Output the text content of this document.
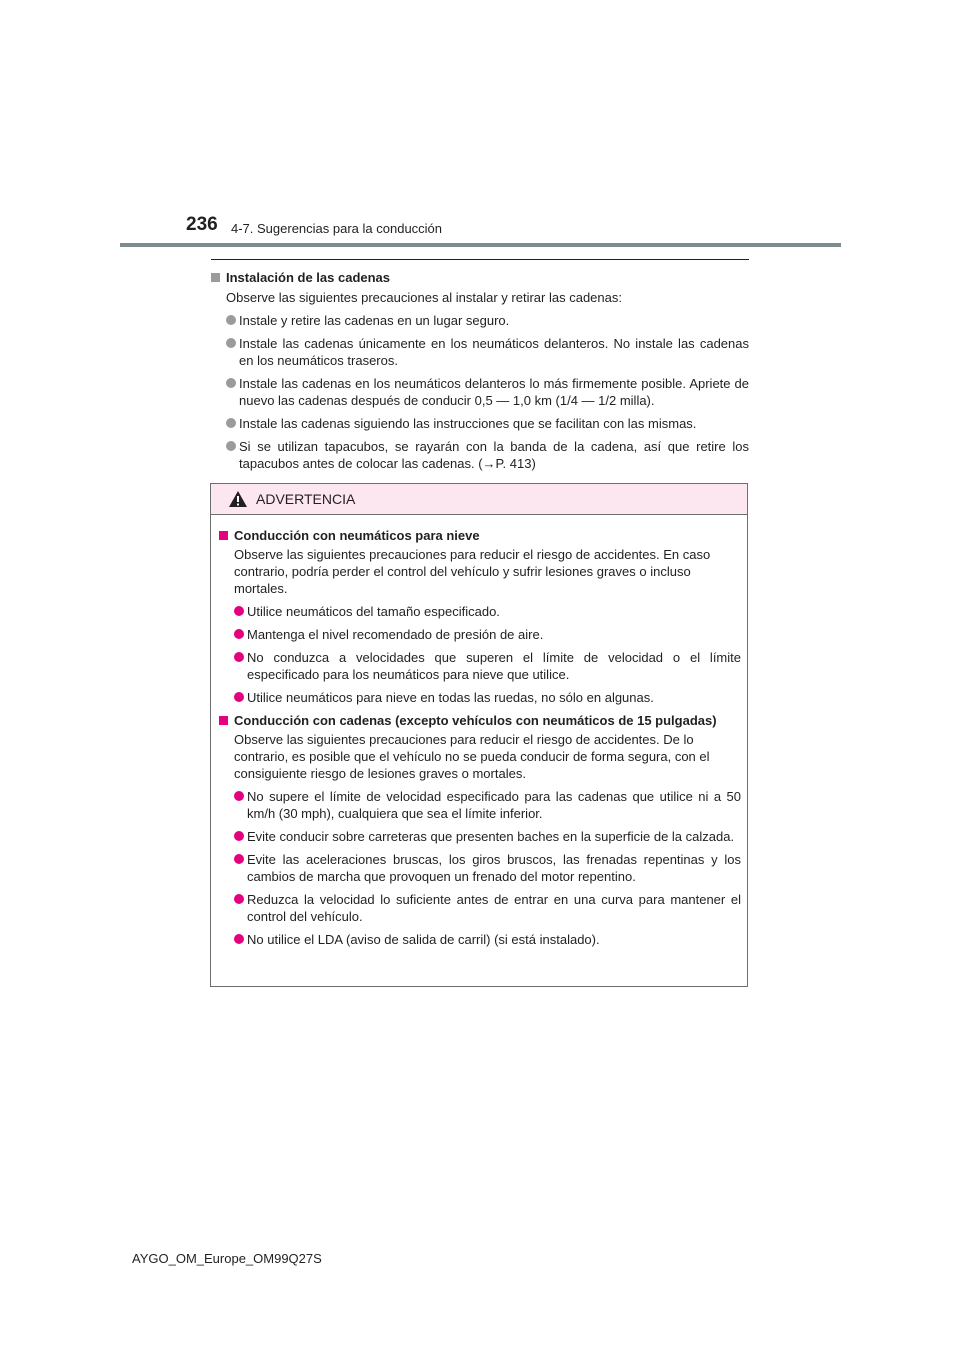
236 4-7. Sugerencias para la conducción
Instalación de las cadenas
Observe las siguientes precauciones al instalar y retirar las cadenas:
Instale y retire las cadenas en un lugar seguro.
Instale las cadenas únicamente en los neumáticos delanteros. No instale las cadenas en los neumáticos traseros.
Instale las cadenas en los neumáticos delanteros lo más firmemente posible. Apriete de nuevo las cadenas después de conducir 0,5 — 1,0 km (1/4 — 1/2 milla).
Instale las cadenas siguiendo las instrucciones que se facilitan con las mismas.
Si se utilizan tapacubos, se rayarán con la banda de la cadena, así que retire los tapacubos antes de colocar las cadenas. (→P. 413)
ADVERTENCIA
Conducción con neumáticos para nieve
Observe las siguientes precauciones para reducir el riesgo de accidentes. En caso contrario, podría perder el control del vehículo y sufrir lesiones graves o incluso mortales.
Utilice neumáticos del tamaño especificado.
Mantenga el nivel recomendado de presión de aire.
No conduzca a velocidades que superen el límite de velocidad o el límite especificado para los neumáticos para nieve que utilice.
Utilice neumáticos para nieve en todas las ruedas, no sólo en algunas.
Conducción con cadenas (excepto vehículos con neumáticos de 15 pulgadas)
Observe las siguientes precauciones para reducir el riesgo de accidentes. De lo contrario, es posible que el vehículo no se pueda conducir de forma segura, con el consiguiente riesgo de lesiones graves o mortales.
No supere el límite de velocidad especificado para las cadenas que utilice ni a 50 km/h (30 mph), cualquiera que sea el límite inferior.
Evite conducir sobre carreteras que presenten baches en la superficie de la calzada.
Evite las aceleraciones bruscas, los giros bruscos, las frenadas repentinas y los cambios de marcha que provoquen un frenado del motor repentino.
Reduzca la velocidad lo suficiente antes de entrar en una curva para mantener el control del vehículo.
No utilice el LDA (aviso de salida de carril) (si está instalado).
AYGO_OM_Europe_OM99Q27S
